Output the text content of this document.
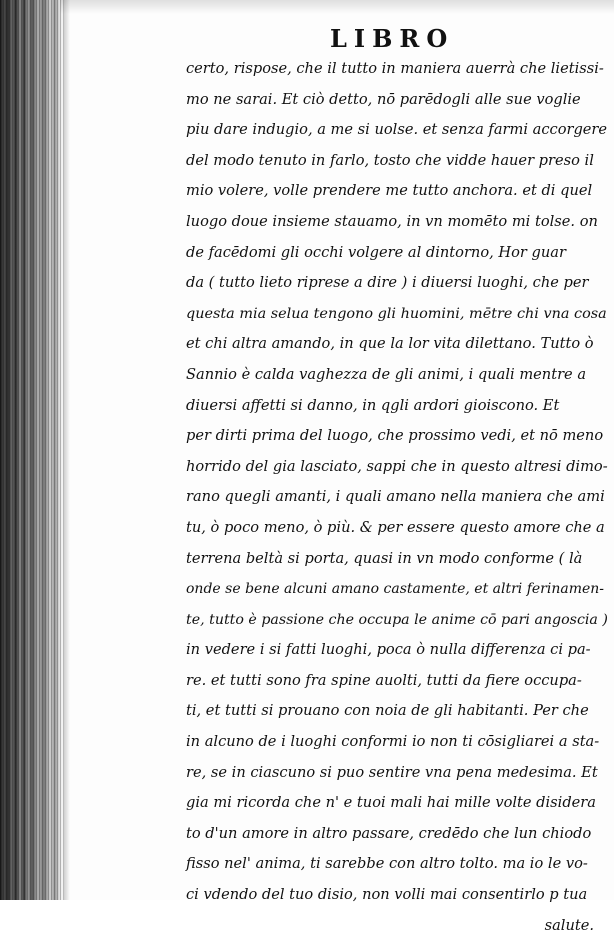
LIBRO
certo, risposе, che il tutto in maniera auerrà che lietissi-
mo ne sarai. Et ciò detto, nō parēdogli alle sue voglie
piu dare indugio, a me si uolse. et senza farmi accorgere
del modo tenuto in farlo, tosto che vidde hauer preso il
mio volere, volle prendere me tutto anchora. et di quel
luogo doue insieme stauamo, in vn momēto mi tolse. on
de facēdomi gli occhi volgere al dintorno, Hor guar
da ( tutto lieto riprese a dire ) i diuersi luoghi, che per
questa mia selua tengono gli huomini, mētre chi vna cosa
et chi altra amando, in que la lor vita dilettano. Tutto ò
Sannio è calda vaghezza de gli animi, i quali mentre a
diuersi affetti si danno, in qgli ardori gioiscono. Et
per dirti prima del luogo, che prossimo vedi, et nō meno
horrido del gia lasciato, sappi che in questo altresi dimo-
rano quegli amanti, i quali amano nella maniera che ami
tu, ò poco meno, ò più. & per essere questo amore che a
terrena beltà si porta, quasi in vn modo conforme ( là
onde se bene alcuni amano castamente, et altri ferinamen-
te, tutto è passione che occupa le anime cō pari angoscia )
in vedere i si fatti luoghi, poca ò nulla differenza ci pa-
re. et tutti sono fra spine auolti, tutti da fiere occupa-
ti, et tutti si prouano con noia de gli habitanti. Per che
in alcuno de i luoghi conformi io non ti cōsigliarei a sta-
re, se in ciascuno si puo sentire vna pena medesima. Et
gia mi ricorda che n' e tuoi mali hai mille volte disidera
to d'un amore in altro passare, credēdo che lun chiodo
fisso nel' anima, ti sarebbe con altro tolto. ma io le vo-
ci vdendo del tuo disio, non volli mai consentirlo p tua
salute.
